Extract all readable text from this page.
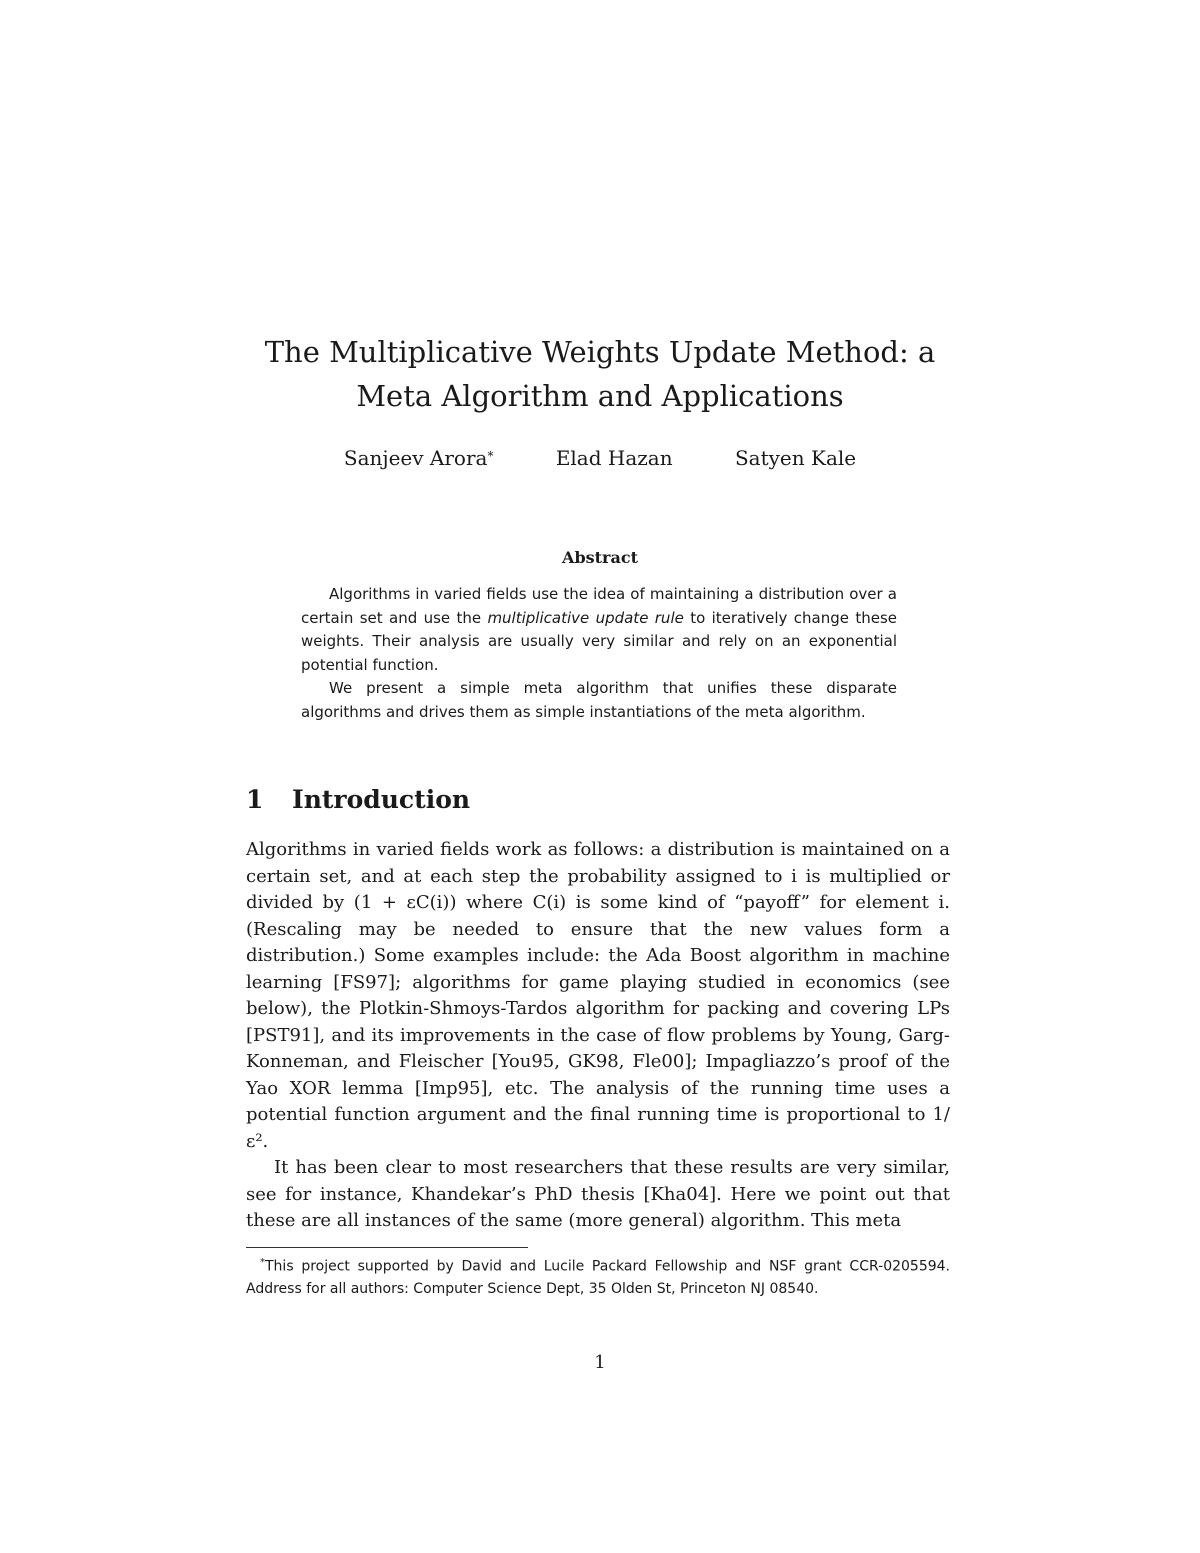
The Multiplicative Weights Update Method: a
Meta Algorithm and Applications
Sanjeev Arora*	Elad Hazan	Satyen Kale
Abstract

Algorithms in varied fields use the idea of maintaining a distribution over a certain set and use the multiplicative update rule to iteratively change these weights. Their analysis are usually very similar and rely on an exponential potential function.

We present a simple meta algorithm that unifies these disparate algorithms and drives them as simple instantiations of the meta algorithm.

1 Introduction

Algorithms in varied fields work as follows: a distribution is maintained on a certain set, and at each step the probability assigned to i is multiplied or divided by (1 + εC(i)) where C(i) is some kind of “payoff” for element i. (Rescaling may be needed to ensure that the new values form a distribution.) Some examples include: the Ada Boost algorithm in machine learning [FS97]; algorithms for game playing studied in economics (see below), the Plotkin-Shmoys-Tardos algorithm for packing and covering LPs [PST91], and its improvements in the case of flow problems by Young, Garg-Konneman, and Fleischer [You95, GK98, Fle00]; Impagliazzo’s proof of the Yao XOR lemma [Imp95], etc. The analysis of the running time uses a potential function argument and the final running time is proportional to 1/ε².

It has been clear to most researchers that these results are very similar, see for instance, Khandekar’s PhD thesis [Kha04]. Here we point out that these are all instances of the same (more general) algorithm. This meta

*This project supported by David and Lucile Packard Fellowship and NSF grant CCR-0205594. Address for all authors: Computer Science Dept, 35 Olden St, Princeton NJ 08540.
1
